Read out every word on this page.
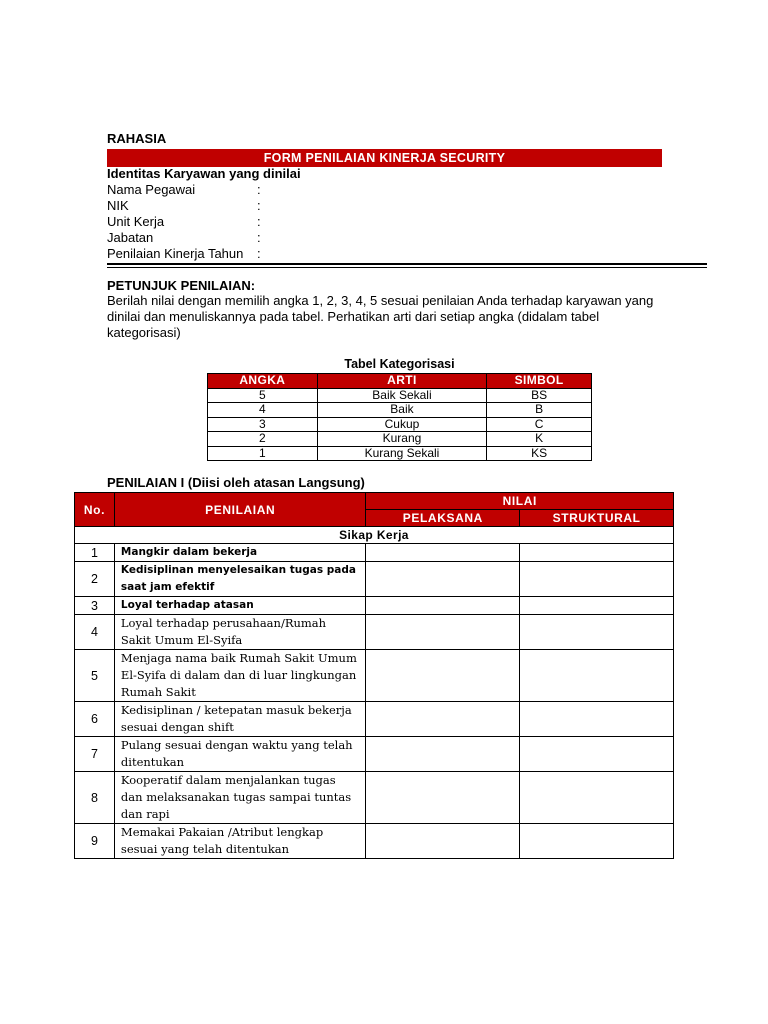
RAHASIA
FORM PENILAIAN KINERJA SECURITY
Identitas Karyawan yang dinilai
Nama Pegawai	:
NIK	:
Unit Kerja	:
Jabatan	:
Penilaian Kinerja Tahun :
PETUNJUK PENILAIAN:
Berilah nilai dengan memilih angka 1, 2, 3, 4, 5 sesuai penilaian Anda terhadap karyawan yang dinilai dan menuliskannya pada tabel. Perhatikan arti dari setiap angka (didalam tabel kategorisasi)
Tabel Kategorisasi
ANGKA	ARTI	SIMBOL
5	Baik Sekali	BS
4	Baik	B
3	Cukup	C
2	Kurang	K
1	Kurang Sekali	KS
PENILAIAN I (Diisi oleh atasan Langsung)
No.	PENILAIAN	NILAI	
		PELAKSANA	STRUKTURAL
Sikap Kerja			
1	Mangkir dalam bekerja		
2	Kedisiplinan menyelesaikan tugas pada saat jam efektif		
3	Loyal terhadap atasan		
4	Loyal terhadap perusahaan/Rumah Sakit Umum El-Syifa		
5	Menjaga nama baik Rumah Sakit Umum El-Syifa di dalam dan di luar lingkungan Rumah Sakit		
6	Kedisiplinan / ketepatan masuk bekerja sesuai dengan shift		
7	Pulang sesuai dengan waktu yang telah ditentukan		
8	Kooperatif dalam menjalankan tugas dan melaksanakan tugas sampai tuntas dan rapi		
9	Memakai Pakaian /Atribut lengkap sesuai yang telah ditentukan		
